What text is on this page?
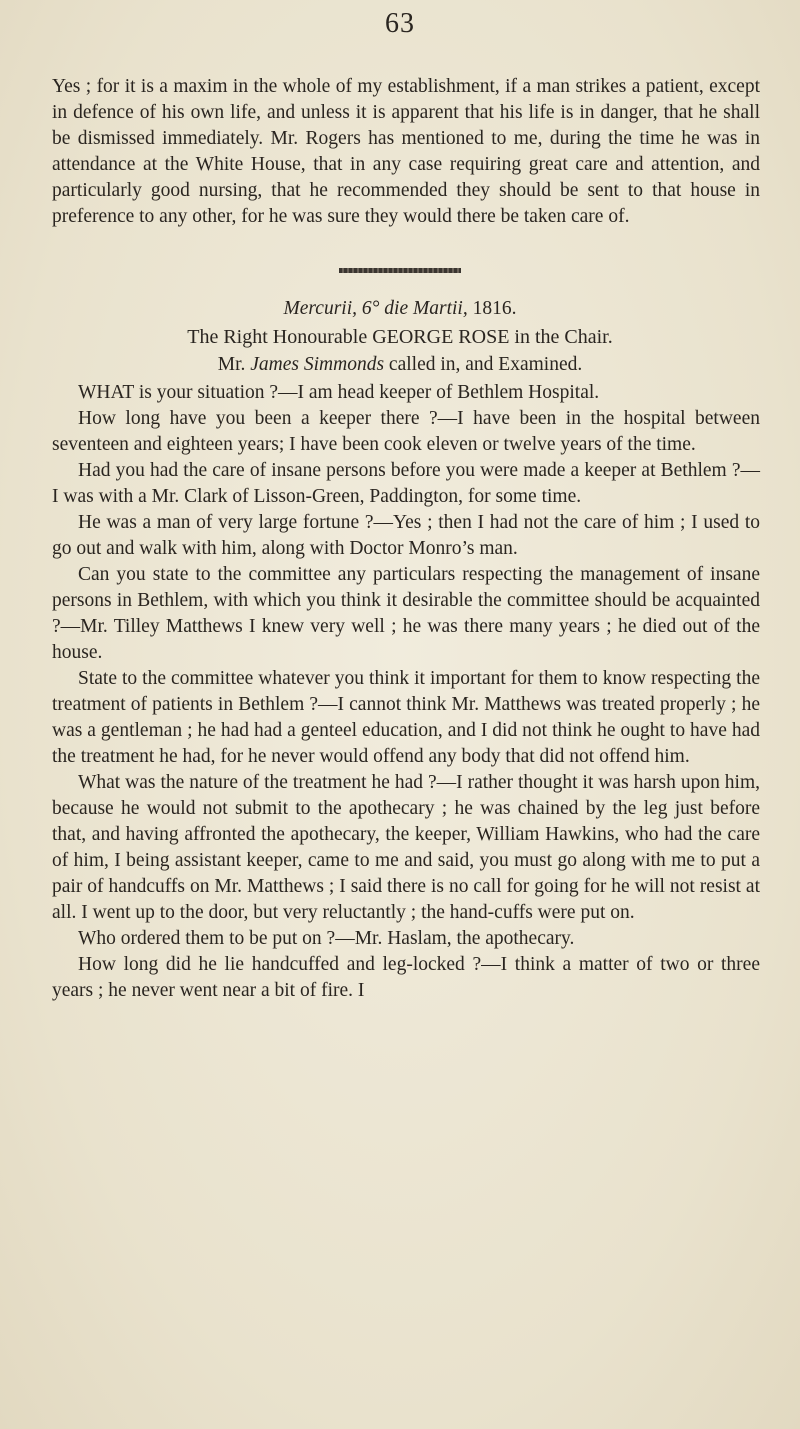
63

Yes ; for it is a maxim in the whole of my establishment, if a man strikes a patient, except in defence of his own life, and unless it is apparent that his life is in danger, that he shall be dismissed immediately. Mr. Rogers has mentioned to me, during the time he was in attendance at the White House, that in any case requiring great care and attention, and particularly good nursing, that he recommended they should be sent to that house in preference to any other, for he was sure they would there be taken care of.

Mercurii, 6° die Martii, 1816.
The Right Honourable GEORGE ROSE in the Chair.
Mr. James Simmonds called in, and Examined.

WHAT is your situation ?—I am head keeper of Bethlem Hospital.

How long have you been a keeper there ?—I have been in the hospital between seventeen and eighteen years; I have been cook eleven or twelve years of the time.

Had you had the care of insane persons before you were made a keeper at Bethlem ?—I was with a Mr. Clark of Lisson-Green, Paddington, for some time.

He was a man of very large fortune ?—Yes ; then I had not the care of him ; I used to go out and walk with him, along with Doctor Monro’s man.

Can you state to the committee any particulars respecting the management of insane persons in Bethlem, with which you think it desirable the committee should be acquainted ?—Mr. Tilley Matthews I knew very well ; he was there many years ; he died out of the house.

State to the committee whatever you think it important for them to know respecting the treatment of patients in Bethlem ?—I cannot think Mr. Matthews was treated properly ; he was a gentleman ; he had had a genteel education, and I did not think he ought to have had the treatment he had, for he never would offend any body that did not offend him.

What was the nature of the treatment he had ?—I rather thought it was harsh upon him, because he would not submit to the apothecary ; he was chained by the leg just before that, and having affronted the apothecary, the keeper, William Hawkins, who had the care of him, I being assistant keeper, came to me and said, you must go along with me to put a pair of handcuffs on Mr. Matthews ; I said there is no call for going for he will not resist at all. I went up to the door, but very reluctantly ; the hand-cuffs were put on.

Who ordered them to be put on ?—Mr. Haslam, the apothecary.

How long did he lie handcuffed and leg-locked ?—I think a matter of two or three years ; he never went near a bit of fire. I
